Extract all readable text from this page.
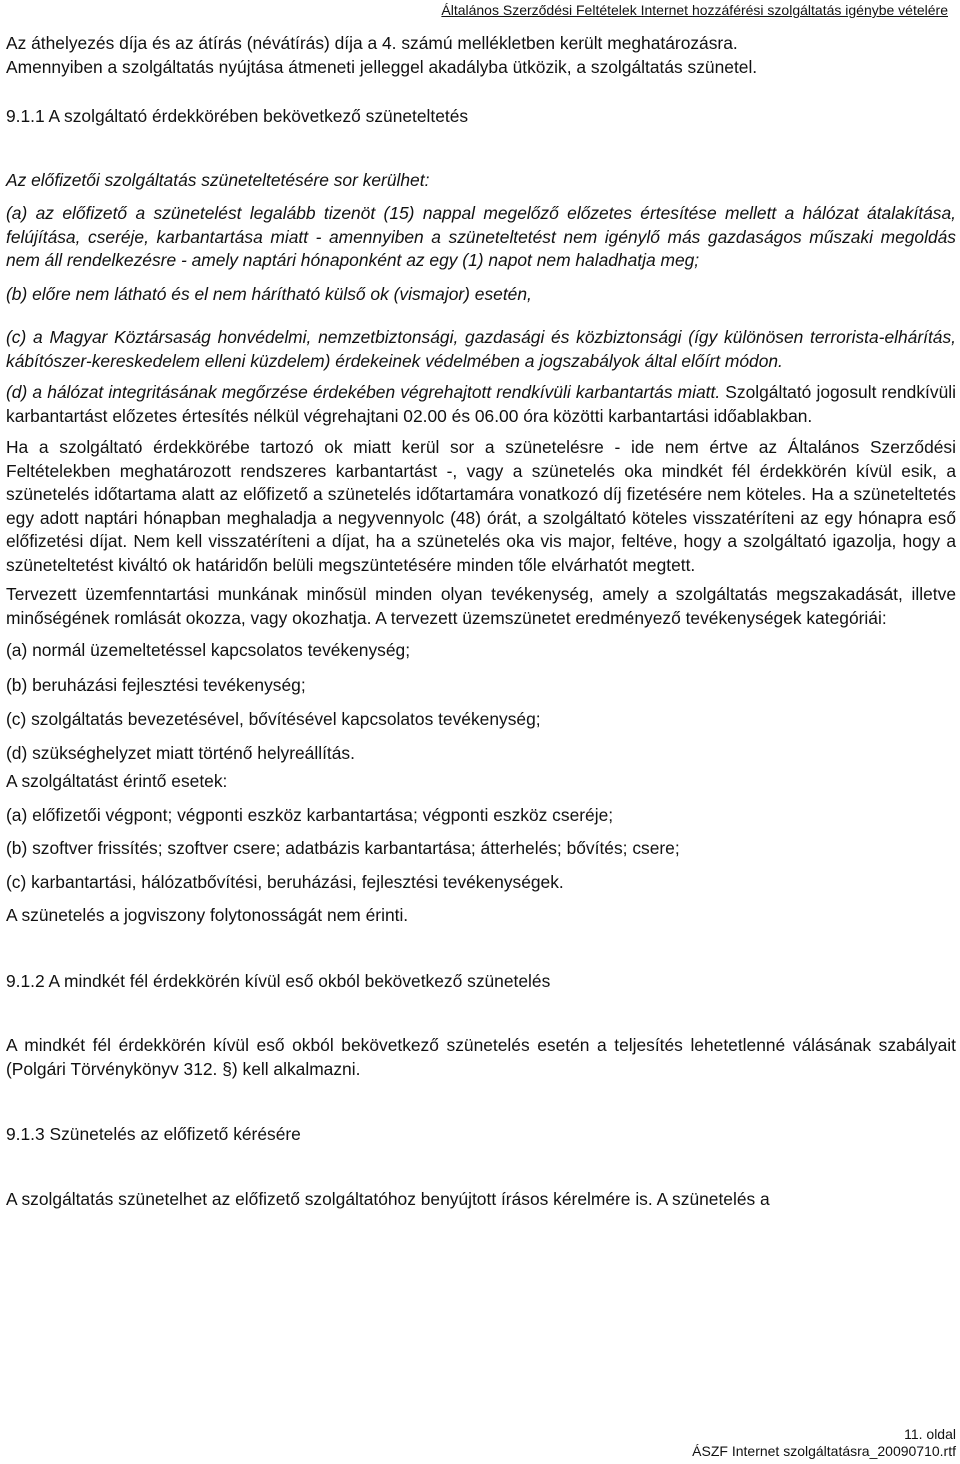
Általános Szerződési Feltételek Internet hozzáférési szolgáltatás igénybe vételére

Az áthelyezés díja és az átírás (névátírás) díja a 4. számú mellékletben került meghatározásra.

Amennyiben a szolgáltatás nyújtása átmeneti jelleggel akadályba ütközik, a szolgáltatás szünetel.

9.1.1 A szolgáltató érdekkörében bekövetkező szüneteltetés

Az előfizetői szolgáltatás szüneteltetésére sor kerülhet:

(a) az előfizető a szünetelést legalább tizenöt (15) nappal megelőző előzetes értesítése mellett a hálózat átalakítása, felújítása, cseréje, karbantartása miatt - amennyiben a szüneteltetést nem igénylő más gazdaságos műszaki megoldás nem áll rendelkezésre - amely naptári hónaponként az egy (1) napot nem haladhatja meg;

(b) előre nem látható és el nem hárítható külső ok (vismajor) esetén,

(c) a Magyar Köztársaság honvédelmi, nemzetbiztonsági, gazdasági és közbiztonsági (így különösen terrorista-elhárítás, kábítószer-kereskedelem elleni küzdelem) érdekeinek védelmében a jogszabályok által előírt módon.

(d) a hálózat integritásának megőrzése érdekében végrehajtott rendkívüli karbantartás miatt. Szolgáltató jogosult rendkívüli karbantartást előzetes értesítés nélkül végrehajtani 02.00 és 06.00 óra közötti karbantartási időablakban.

Ha a szolgáltató érdekkörébe tartozó ok miatt kerül sor a szünetelésre - ide nem értve az Általános Szerződési Feltételekben meghatározott rendszeres karbantartást -, vagy a szünetelés oka mindkét fél érdekkörén kívül esik, a szünetelés időtartama alatt az előfizető a szünetelés időtartamára vonatkozó díj fizetésére nem köteles. Ha a szüneteltetés egy adott naptári hónapban meghaladja a negyvennyolc (48) órát, a szolgáltató köteles visszatéríteni az egy hónapra eső előfizetési díjat. Nem kell visszatéríteni a díjat, ha a szünetelés oka vis major, feltéve, hogy a szolgáltató igazolja, hogy a szüneteltetést kiváltó ok határidőn belüli megszüntetésére minden tőle elvárhatót megtett.

Tervezett üzemfenntartási munkának minősül minden olyan tevékenység, amely a szolgáltatás megszakadását, illetve minőségének romlását okozza, vagy okozhatja. A tervezett üzemszünetet eredményező tevékenységek kategóriái:

(a) normál üzemeltetéssel kapcsolatos tevékenység;

(b) beruházási fejlesztési tevékenység;

(c) szolgáltatás bevezetésével, bővítésével kapcsolatos tevékenység;

(d) szükséghelyzet miatt történő helyreállítás.

A szolgáltatást érintő esetek:

(a) előfizetői végpont; végponti eszköz karbantartása; végponti eszköz cseréje;

(b) szoftver frissítés; szoftver csere; adatbázis karbantartása; átterhelés; bővítés; csere;

(c) karbantartási, hálózatbővítési, beruházási, fejlesztési tevékenységek.

A szünetelés a jogviszony folytonosságát nem érinti.

9.1.2 A mindkét fél érdekkörén kívül eső okból bekövetkező szünetelés

A mindkét fél érdekkörén kívül eső okból bekövetkező szünetelés esetén a teljesítés lehetetlenné válásának szabályait (Polgári Törvénykönyv 312. §) kell alkalmazni.

9.1.3 Szünetelés az előfizető kérésére

A szolgáltatás szünetelhet az előfizető szolgáltatóhoz benyújtott írásos kérelmére is. A szünetelés a

11. oldal
ÁSZF Internet szolgáltatásra_20090710.rtf
